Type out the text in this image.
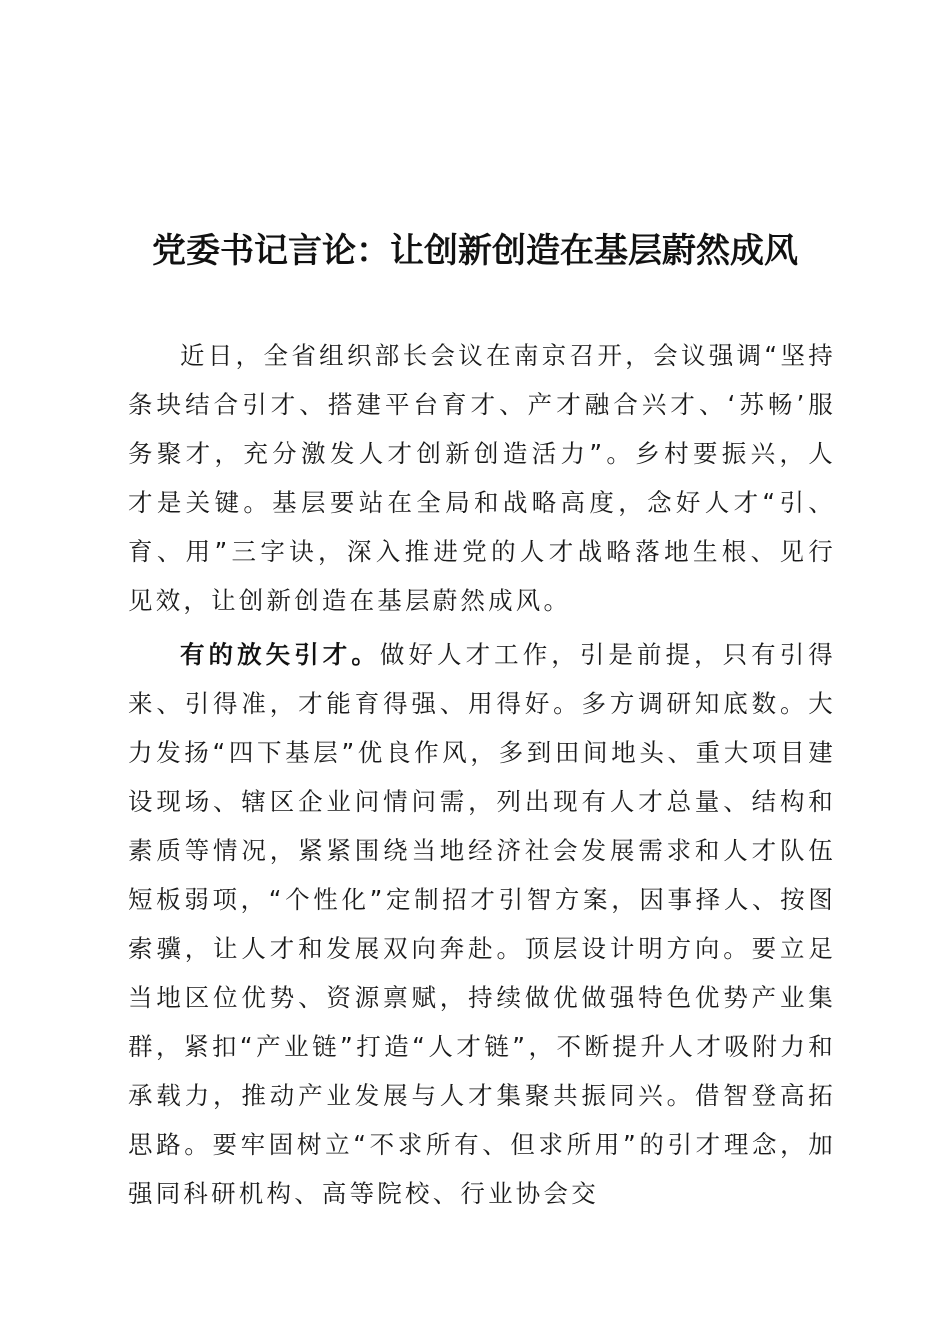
党委书记言论：让创新创造在基层蔚然成风

近日，全省组织部长会议在南京召开，会议强调“坚持条块结合引才、搭建平台育才、产才融合兴才、‘苏畅’服务聚才，充分激发人才创新创造活力”。乡村要振兴，人才是关键。基层要站在全局和战略高度，念好人才“引、育、用”三字诀，深入推进党的人才战略落地生根、见行见效，让创新创造在基层蔚然成风。

有的放矢引才。做好人才工作，引是前提，只有引得来、引得准，才能育得强、用得好。多方调研知底数。大力发扬“四下基层”优良作风，多到田间地头、重大项目建设现场、辖区企业问情问需，列出现有人才总量、结构和素质等情况，紧紧围绕当地经济社会发展需求和人才队伍短板弱项，“个性化”定制招才引智方案，因事择人、按图索骥，让人才和发展双向奔赴。顶层设计明方向。要立足当地区位优势、资源禀赋，持续做优做强特色优势产业集群，紧扣“产业链”打造“人才链”，不断提升人才吸附力和承载力，推动产业发展与人才集聚共振同兴。借智登高拓思路。要牢固树立“不求所有、但求所用”的引才理念，加强同科研机构、高等院校、行业协会交
